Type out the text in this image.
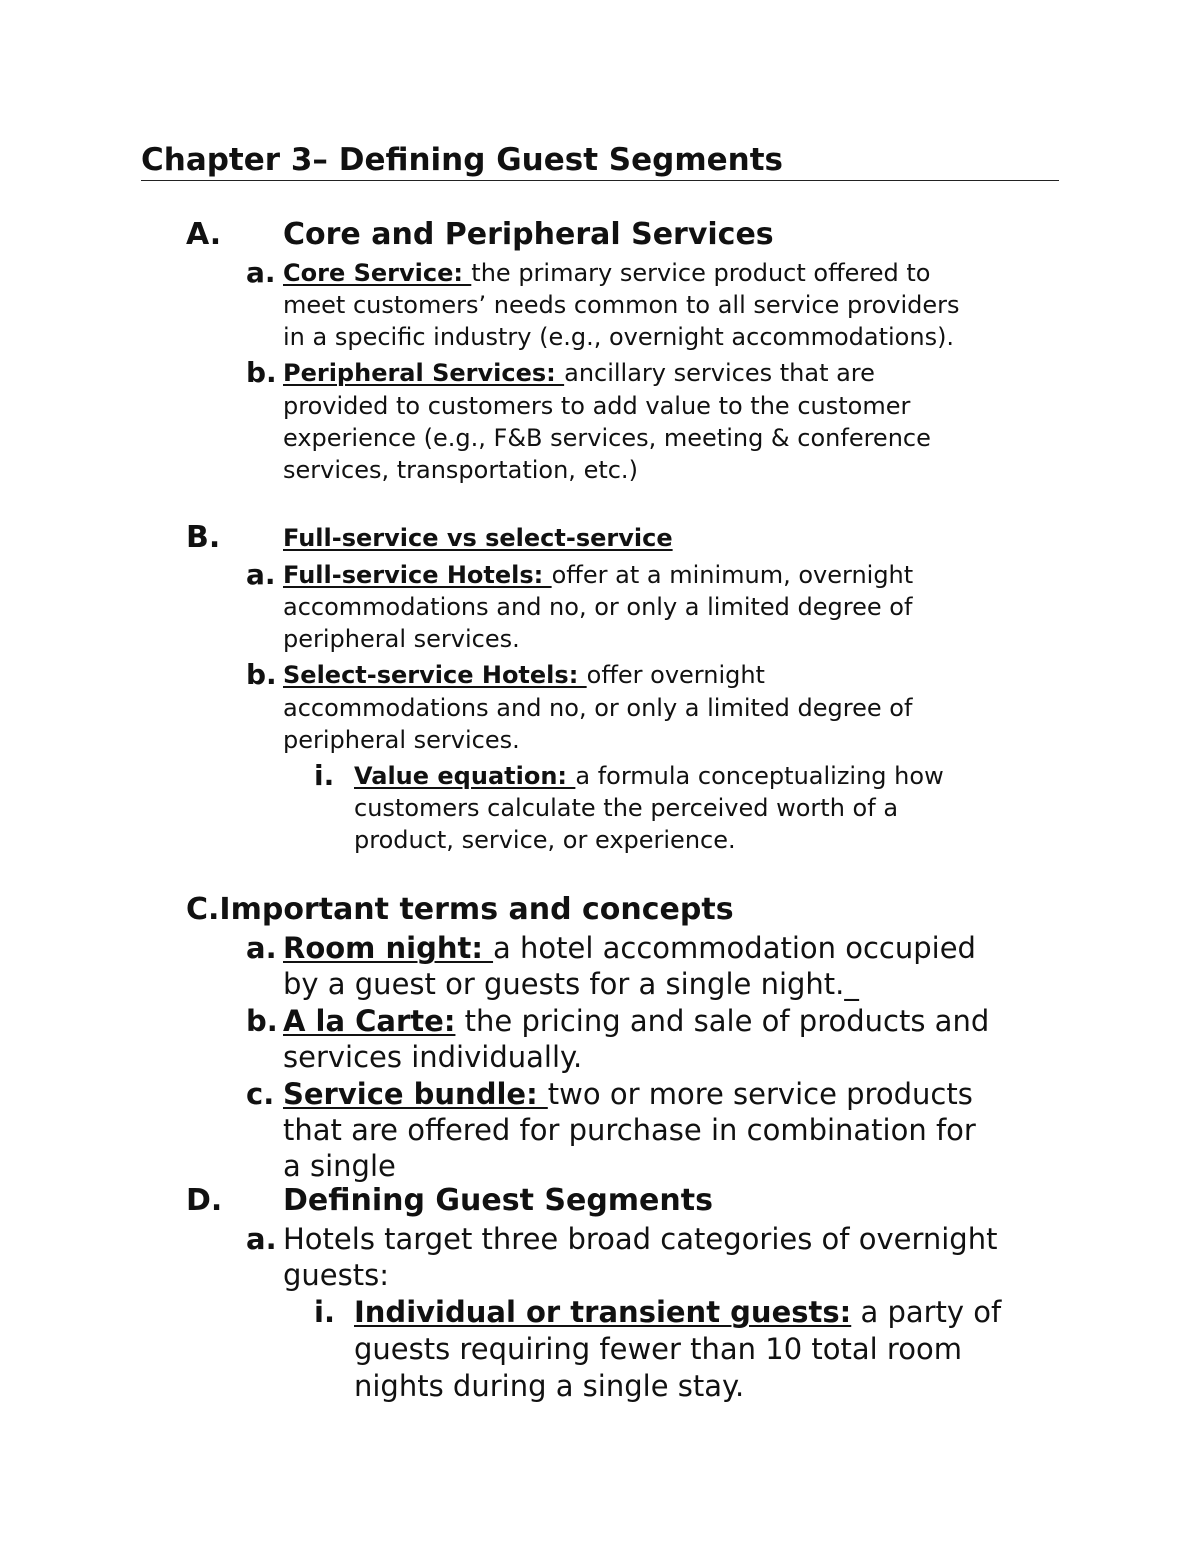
Chapter 3– Defining Guest Segments
A. Core and Peripheral Services
a. Core Service: the primary service product offered to
meet customers’ needs common to all service providers
in a specific industry (e.g., overnight accommodations).
b. Peripheral Services: ancillary services that are
provided to customers to add value to the customer
experience (e.g., F&B services, meeting & conference
services, transportation, etc.)
B.	Full-service vs select-service
a. Full-service Hotels: offer at a minimum, overnight
accommodations and no, or only a limited degree of
peripheral services.
b. Select-service Hotels: offer overnight
accommodations and no, or only a limited degree of
peripheral services.
i. Value equation: a formula conceptualizing how
customers calculate the perceived worth of a
product, service, or experience.
C.Important terms and concepts
a. Room night: a hotel accommodation occupied
by a guest or guests for a single night._
b. A la Carte: the pricing and sale of products and
services individually.
c. Service bundle: two or more service products
that are offered for purchase in combination for
a single
D. Defining Guest Segments
a. Hotels target three broad categories of overnight
guests:
i. Individual or transient guests: a party of
guests requiring fewer than 10 total room
nights during a single stay.
